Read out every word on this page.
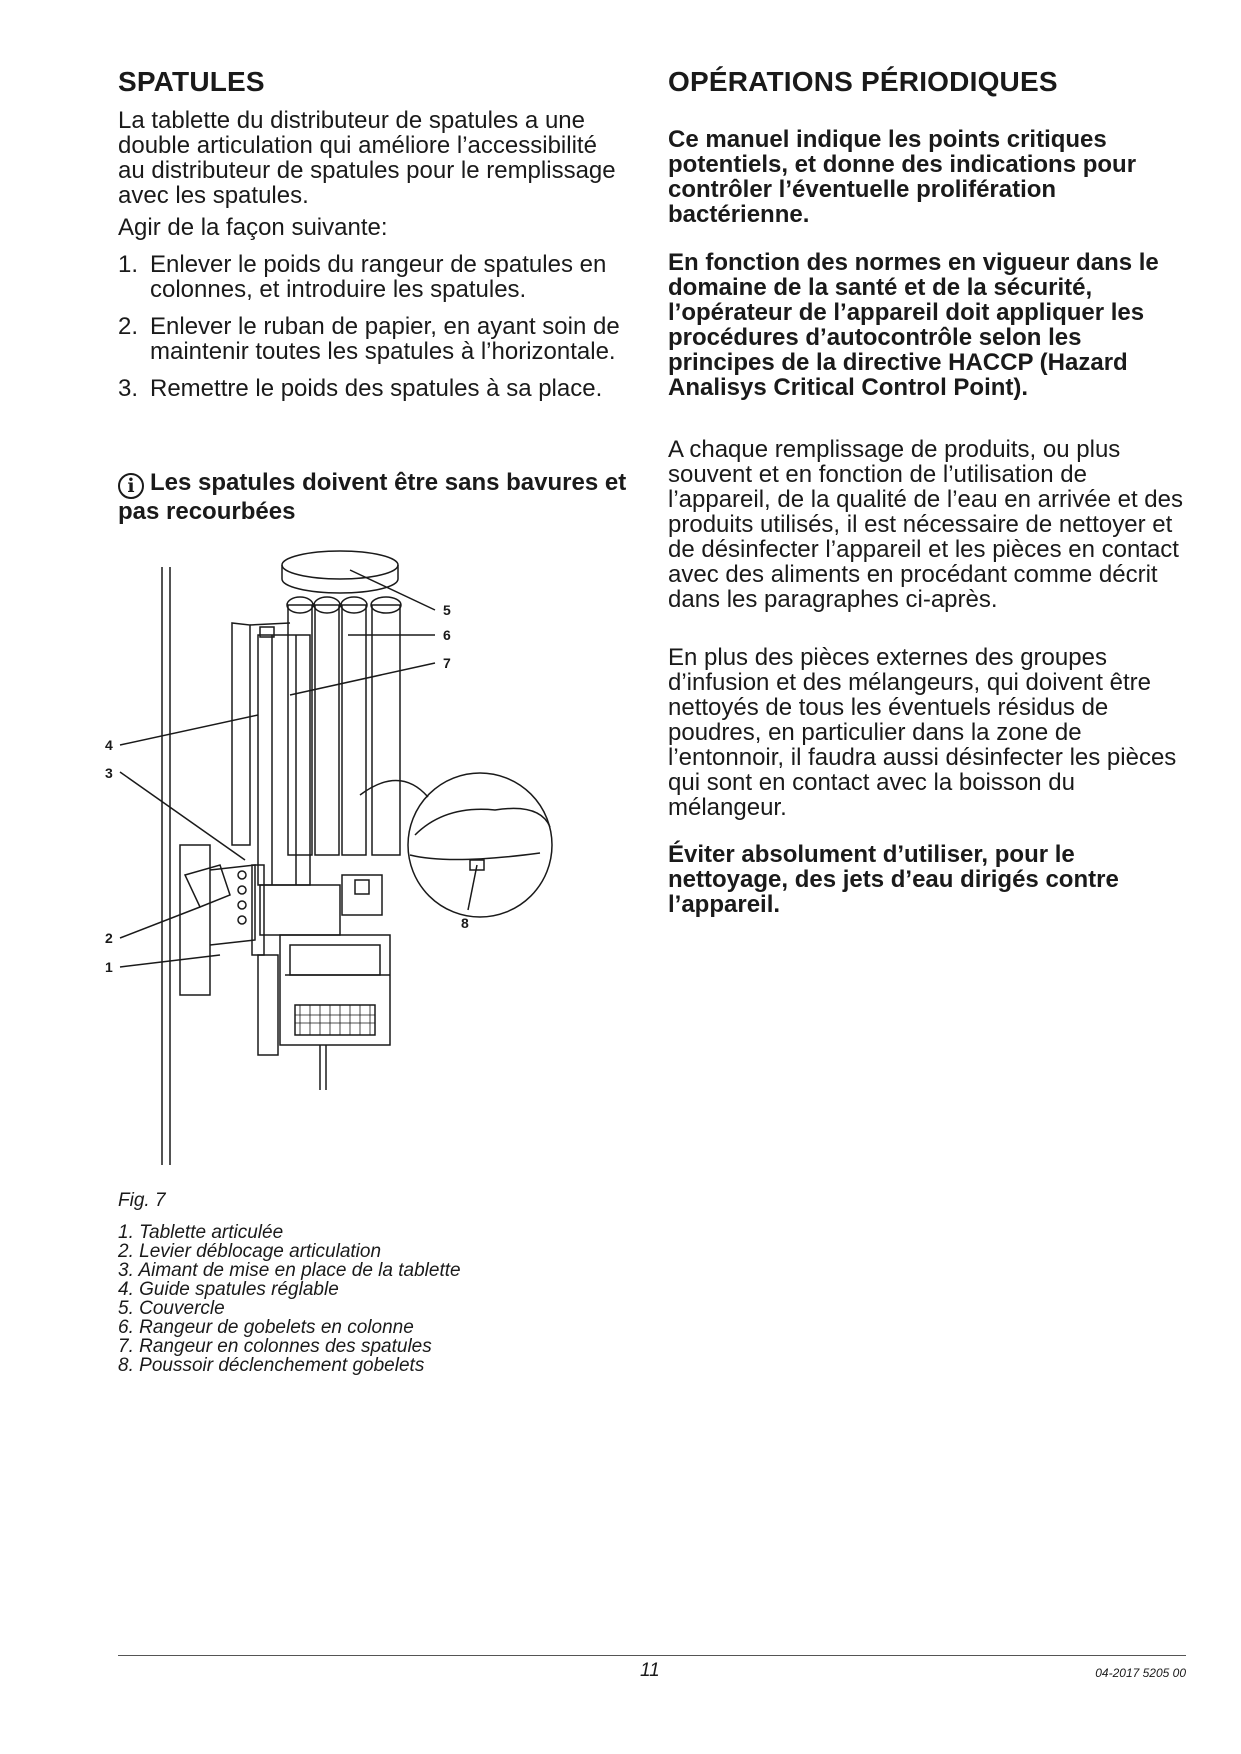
SPATULES

La tablette du distributeur de spatules a une double articulation qui améliore l’accessibilité au distributeur de spatules pour le remplissage avec les spatules.

Agir de la façon suivante:

1. Enlever le poids du rangeur de spatules en colonnes, et introduire les spatules.
2. Enlever le ruban de papier, en ayant soin de maintenir toutes les spatules à l’horizontale.
3. Remettre le poids des spatules à sa place.
i Les spatules doivent être sans bavures et pas recourbées
5
6
7
4
3
2
1
8
Fig. 7
1. Tablette articulée
2. Levier déblocage articulation
3. Aimant de mise en place de la tablette
4. Guide spatules réglable
5. Couvercle
6. Rangeur de gobelets en colonne
7. Rangeur en colonnes des spatules
8. Poussoir déclenchement gobelets
OPÉRATIONS PÉRIODIQUES

Ce manuel indique les points critiques potentiels, et donne des indications pour contrôler l’éventuelle prolifération bactérienne.

En fonction des normes en vigueur dans le domaine de la santé et de la sécurité, l’opérateur de l’appareil doit appliquer les procédures d’autocontrôle selon les principes de la directive HACCP (Hazard Analisys Critical Control Point).

A chaque remplissage de produits, ou plus souvent et en fonction de l’utilisation de l’appareil, de la qualité de l’eau en arrivée et des produits utilisés, il est nécessaire de nettoyer et de désinfecter l’appareil et les pièces en contact avec des aliments en procédant comme décrit dans les paragraphes ci-après.

En plus des pièces externes des groupes d’infusion et des mélangeurs, qui doivent être nettoyés de tous les éventuels résidus de poudres, en particulier dans la zone de l’entonnoir, il faudra aussi désinfecter les pièces qui sont en contact avec la boisson du mélangeur.

Éviter absolument d’utiliser, pour le nettoyage, des jets d’eau dirigés contre l’appareil.

11	04-2017 5205 00
